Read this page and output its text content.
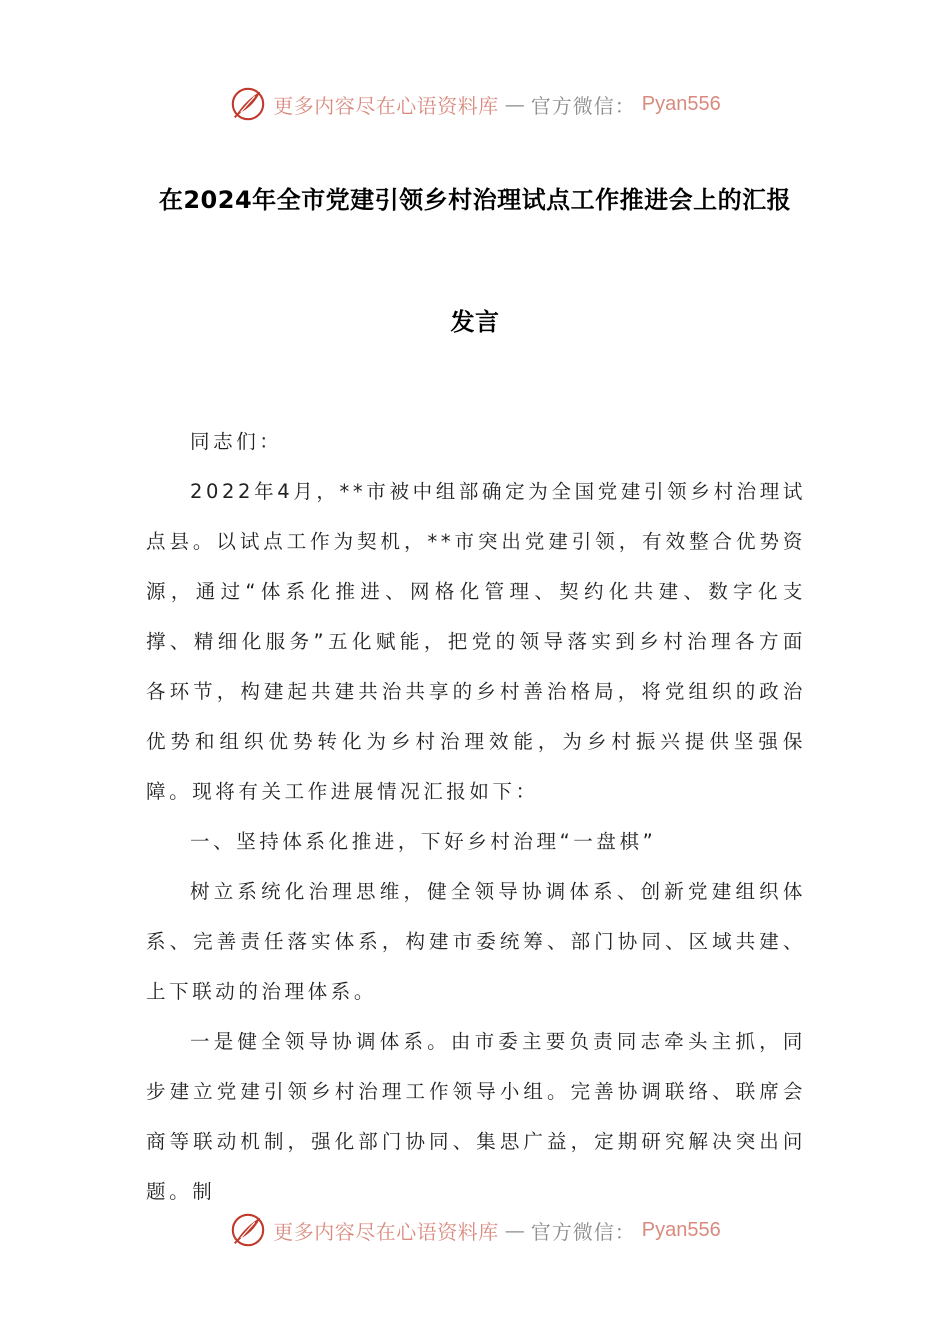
更多内容尽在心语资料库 — 官方微信： Pyan556
在2024年全市党建引领乡村治理试点工作推进会上的汇报
发言

同志们：

2022年4月，**市被中组部确定为全国党建引领乡村治理试点县。以试点工作为契机，**市突出党建引领，有效整合优势资源，通过“体系化推进、网格化管理、契约化共建、数字化支撑、精细化服务”五化赋能，把党的领导落实到乡村治理各方面各环节，构建起共建共治共享的乡村善治格局，将党组织的政治优势和组织优势转化为乡村治理效能，为乡村振兴提供坚强保障。现将有关工作进展情况汇报如下：

一、坚持体系化推进，下好乡村治理“一盘棋”

树立系统化治理思维，健全领导协调体系、创新党建组织体系、完善责任落实体系，构建市委统筹、部门协同、区域共建、上下联动的治理体系。

一是健全领导协调体系。由市委主要负责同志牵头主抓，同步建立党建引领乡村治理工作领导小组。完善协调联络、联席会商等联动机制，强化部门协同、集思广益，定期研究解决突出问题。制

更多内容尽在心语资料库 — 官方微信： Pyan556
